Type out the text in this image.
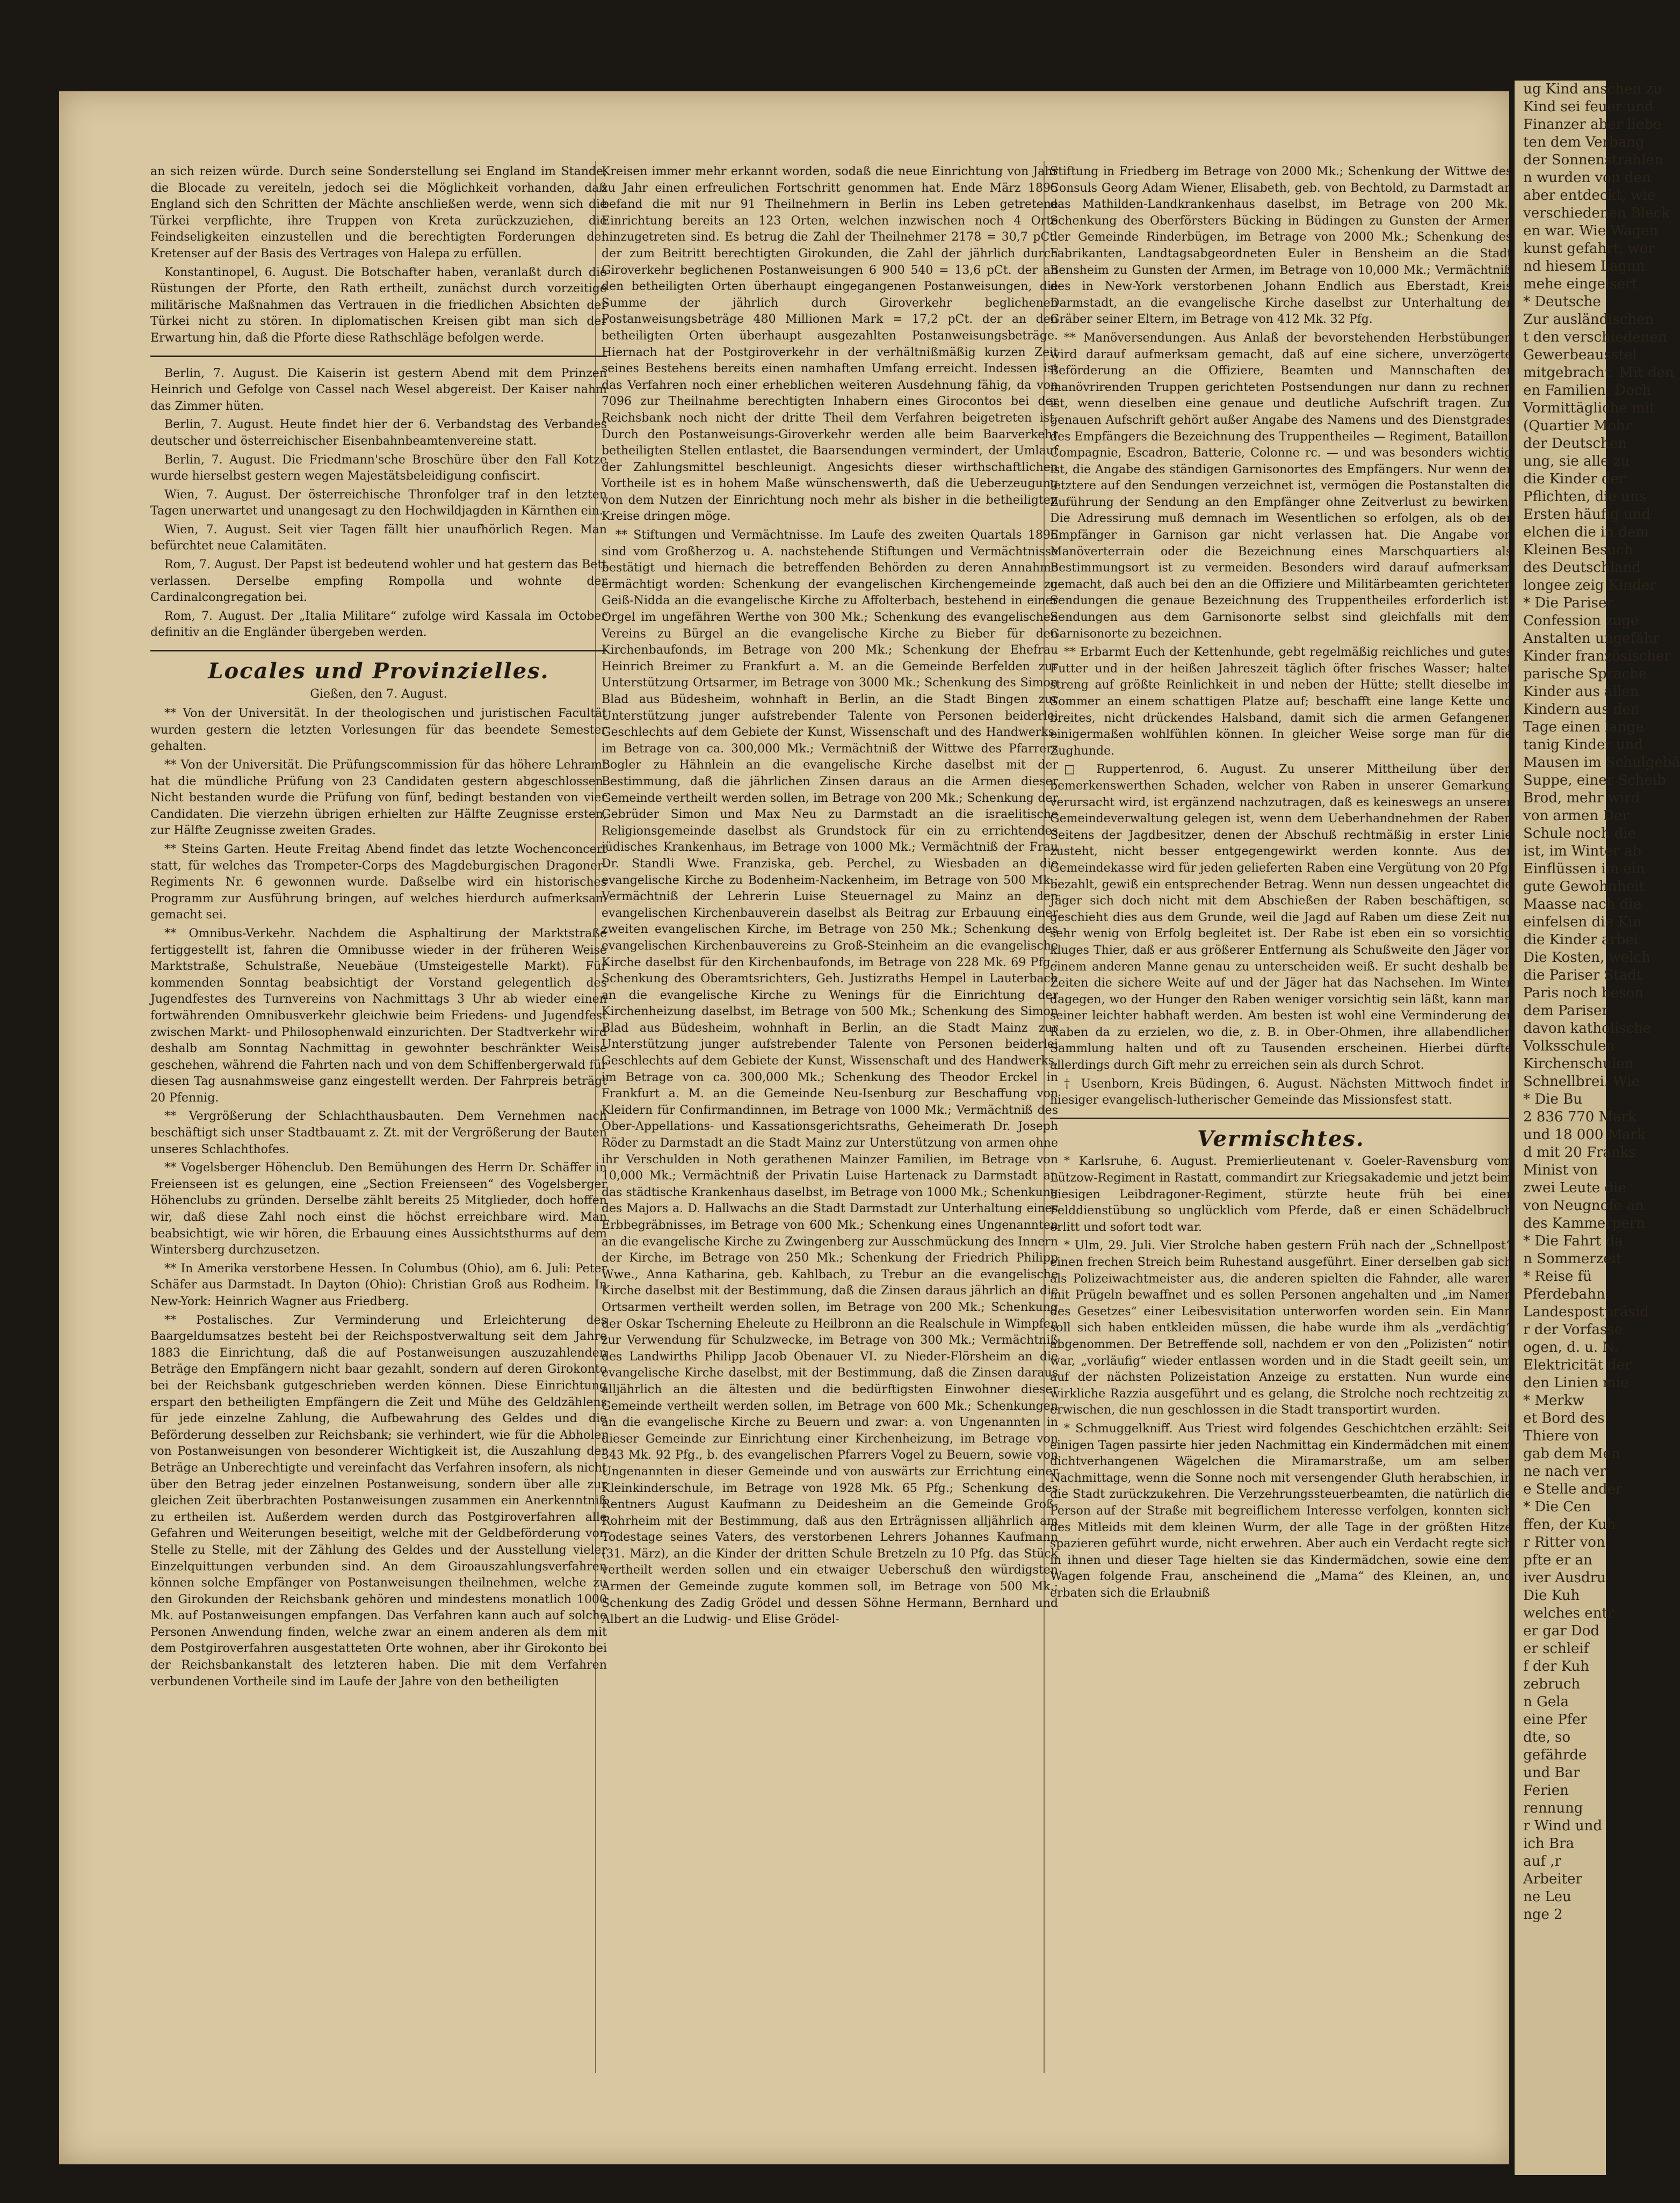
ug Kind anschen zu
Kind sei feuer und
Finanzer aber liebe
ten dem Verbang
der Sonnenstrahlen
n wurden von den
aber entdeckt, wie
verschiedenen Bleck
en war. Wie Wagen
kunst gefahrt, wor
nd hiesem Lagnn
mehe eingelsert
* Deutsche
Zur ausländischen
t den verschiedenen
Gewerbeausstel
mitgebracht. Mit den
en Familien. Doch
Vormittägliche mit
(Quartier Mohr
der Deutschen
ung, sie alle zu
die Kinder der
Pflichten, die uns
Ersten häufig und
elchen die in dem
Kleinen Besuch
des Deutschland
longee zeig Kinder
* Die Pariser
Confession zuge
Anstalten ungefähr
Kinder französischer
parische Sprache
Kinder aus allen
Kindern aus den
Tage einen lange
tanig Kinder und
Mausen im Schulgebä
Suppe, einer Scheib
Brod, mehr wird
von armen Der
Schule noch die
ist, im Winter ab
Einflüssen im ein
gute Gewohnheit
Maasse nach die
einfelsen die Kin
die Kinder arbei
Die Kosten, welch
die Pariser Stadt
Paris noch beson
dem Pariser
davon katholische
Volksschulen
Kirchenschulen
Schnellbrei. Wie
* Die Bu
2 836 770 Mark
und 18 000 Mark
d mit 20 Franks
Minist von
zwei Leute die
von Neugnofe an
des Kammerpern
* Die Fahrt da
n Sommerzeit
* Reise fü
Pferdebahn
Landespostpräsid
r der Vorfasse
ogen, d. u. N.
Elektricität der
den Linien mie
* Merkw
et Bord des
Thiere von
gab dem Men
ne nach ver
e Stelle ander
* Die Cen
ffen, der Kuh
r Ritter von
pfte er an
iver Ausdru
Die Kuh
welches entr
er gar Dod
er schleif
f der Kuh
zebruch
n Gela
eine Pfer
dte, so
gefährde
und Bar
Ferien
rennung
r Wind und
ich Bra
auf ,r
Arbeiter
ne Leu
nge 2

an sich reizen würde. Durch seine Sonderstellung sei England im Stande, die Blocade zu vereiteln, jedoch sei die Möglichkeit vorhanden, daß England sich den Schritten der Mächte anschließen werde, wenn sich die Türkei verpflichte, ihre Truppen von Kreta zurückzuziehen, die Feindseligkeiten einzustellen und die berechtigten Forderungen der Kretenser auf der Basis des Vertrages von Halepa zu erfüllen.

Konstantinopel, 6. August. Die Botschafter haben, veranlaßt durch die Rüstungen der Pforte, den Rath ertheilt, zunächst durch vorzeitige militärische Maßnahmen das Vertrauen in die friedlichen Absichten der Türkei nicht zu stören. In diplomatischen Kreisen gibt man sich der Erwartung hin, daß die Pforte diese Rathschläge befolgen werde.

Berlin, 7. August. Die Kaiserin ist gestern Abend mit dem Prinzen Heinrich und Gefolge von Cassel nach Wesel abgereist. Der Kaiser nahm das Zimmer hüten.

Berlin, 7. August. Heute findet hier der 6. Verbandstag des Verbandes deutscher und österreichischer Eisenbahnbeamtenvereine statt.

Berlin, 7. August. Die Friedmann'sche Broschüre über den Fall Kotze wurde hierselbst gestern wegen Majestätsbeleidigung confiscirt.

Wien, 7. August. Der österreichische Thronfolger traf in den letzten Tagen unerwartet und unangesagt zu den Hochwildjagden in Kärnthen ein.

Wien, 7. August. Seit vier Tagen fällt hier unaufhörlich Regen. Man befürchtet neue Calamitäten.

Rom, 7. August. Der Papst ist bedeutend wohler und hat gestern das Bett verlassen. Derselbe empfing Rompolla und wohnte der Cardinalcongregation bei.

Rom, 7. August. Der „Italia Militare“ zufolge wird Kassala im October definitiv an die Engländer übergeben werden.

Locales und Provinzielles.
Gießen, den 7. August.

** Von der Universität. In der theologischen und juristischen Facultät wurden gestern die letzten Vorlesungen für das beendete Semester gehalten.

** Von der Universität. Die Prüfungscommission für das höhere Lehramt hat die mündliche Prüfung von 23 Candidaten gestern abgeschlossen. Nicht bestanden wurde die Prüfung von fünf, bedingt bestanden von vier Candidaten. Die vierzehn übrigen erhielten zur Hälfte Zeugnisse ersten, zur Hälfte Zeugnisse zweiten Grades.

** Steins Garten. Heute Freitag Abend findet das letzte Wochenconcert statt, für welches das Trompeter-Corps des Magdeburgischen Dragoner-Regiments Nr. 6 gewonnen wurde. Daßselbe wird ein historisches Programm zur Ausführung bringen, auf welches hierdurch aufmerksam gemacht sei.

** Omnibus-Verkehr. Nachdem die Asphaltirung der Marktstraße fertiggestellt ist, fahren die Omnibusse wieder in der früheren Weise Marktstraße, Schulstraße, Neuebäue (Umsteigestelle Markt). Für kommenden Sonntag beabsichtigt der Vorstand gelegentlich des Jugendfestes des Turnvereins von Nachmittags 3 Uhr ab wieder einen fortwährenden Omnibusverkehr gleichwie beim Friedens- und Jugendfest zwischen Markt- und Philosophenwald einzurichten. Der Stadtverkehr wird deshalb am Sonntag Nachmittag in gewohnter beschränkter Weise geschehen, während die Fahrten nach und von dem Schiffenbergerwald für diesen Tag ausnahmsweise ganz eingestellt werden. Der Fahrpreis beträgt 20 Pfennig.

** Vergrößerung der Schlachthausbauten. Dem Vernehmen nach beschäftigt sich unser Stadtbauamt z. Zt. mit der Vergrößerung der Bauten unseres Schlachthofes.

** Vogelsberger Höhenclub. Den Bemühungen des Herrn Dr. Schäffer in Freienseen ist es gelungen, eine „Section Freienseen“ des Vogelsberger Höhenclubs zu gründen. Derselbe zählt bereits 25 Mitglieder, doch hoffen wir, daß diese Zahl noch einst die höchst erreichbare wird. Man beabsichtigt, wie wir hören, die Erbauung eines Aussichtsthurms auf dem Wintersberg durchzusetzen.

** In Amerika verstorbene Hessen. In Columbus (Ohio), am 6. Juli: Peter Schäfer aus Darmstadt. In Dayton (Ohio): Christian Groß aus Rodheim. In New-York: Heinrich Wagner aus Friedberg.

** Postalisches. Zur Verminderung und Erleichterung des Baargeldumsatzes besteht bei der Reichspostverwaltung seit dem Jahre 1883 die Einrichtung, daß die auf Postanweisungen auszuzahlenden Beträge den Empfängern nicht baar gezahlt, sondern auf deren Girokonto bei der Reichsbank gutgeschrieben werden können. Diese Einrichtung erspart den betheiligten Empfängern die Zeit und Mühe des Geldzählens für jede einzelne Zahlung, die Aufbewahrung des Geldes und die Beförderung desselben zur Reichsbank; sie verhindert, wie für die Abholer von Postanweisungen von besonderer Wichtigkeit ist, die Auszahlung der Beträge an Unberechtigte und vereinfacht das Verfahren insofern, als nicht über den Betrag jeder einzelnen Postanweisung, sondern über alle zur gleichen Zeit überbrachten Postanweisungen zusammen ein Anerkenntniß zu ertheilen ist. Außerdem werden durch das Postgiroverfahren alle Gefahren und Weiterungen beseitigt, welche mit der Geldbeförderung von Stelle zu Stelle, mit der Zählung des Geldes und der Ausstellung vieler Einzelquittungen verbunden sind. An dem Giroauszahlungsverfahren können solche Empfänger von Postanweisungen theilnehmen, welche zu den Girokunden der Reichsbank gehören und mindestens monatlich 1000 Mk. auf Postanweisungen empfangen. Das Verfahren kann auch auf solche Personen Anwendung finden, welche zwar an einem anderen als dem mit dem Postgiroverfahren ausgestatteten Orte wohnen, aber ihr Girokonto bei der Reichsbankanstalt des letzteren haben. Die mit dem Verfahren verbundenen Vortheile sind im Laufe der Jahre von den betheiligten

Kreisen immer mehr erkannt worden, sodaß die neue Einrichtung von Jahr zu Jahr einen erfreulichen Fortschritt genommen hat. Ende März 1895 befand die mit nur 91 Theilnehmern in Berlin ins Leben getretene Einrichtung bereits an 123 Orten, welchen inzwischen noch 4 Orte hinzugetreten sind. Es betrug die Zahl der Theilnehmer 2178 = 30,7 pCt. der zum Beitritt berechtigten Girokunden, die Zahl der jährlich durch Giroverkehr beglichenen Postanweisungen 6 900 540 = 13,6 pCt. der an den betheiligten Orten überhaupt eingegangenen Postanweisungen, die Summe der jährlich durch Giroverkehr beglichenen Postanweisungsbeträge 480 Millionen Mark = 17,2 pCt. der an den betheiligten Orten überhaupt ausgezahlten Postanweisungsbeträge. Hiernach hat der Postgiroverkehr in der verhältnißmäßig kurzen Zeit seines Bestehens bereits einen namhaften Umfang erreicht. Indessen ist das Verfahren noch einer erheblichen weiteren Ausdehnung fähig, da von 7096 zur Theilnahme berechtigten Inhabern eines Girocontos bei der Reichsbank noch nicht der dritte Theil dem Verfahren beigetreten ist. Durch den Postanweisungs-Giroverkehr werden alle beim Baarverkehr betheiligten Stellen entlastet, die Baarsendungen vermindert, der Umlauf der Zahlungsmittel beschleunigt. Angesichts dieser wirthschaftlichen Vortheile ist es in hohem Maße wünschenswerth, daß die Ueberzeugung von dem Nutzen der Einrichtung noch mehr als bisher in die betheiligten Kreise dringen möge.

** Stiftungen und Vermächtnisse. Im Laufe des zweiten Quartals 1896 sind vom Großherzog u. A. nachstehende Stiftungen und Vermächtnisse bestätigt und hiernach die betreffenden Behörden zu deren Annahme ermächtigt worden: Schenkung der evangelischen Kirchengemeinde zu Geiß-Nidda an die evangelische Kirche zu Affolterbach, bestehend in einer Orgel im ungefähren Werthe von 300 Mk.; Schenkung des evangelischen Vereins zu Bürgel an die evangelische Kirche zu Bieber für den Kirchenbaufonds, im Betrage von 200 Mk.; Schenkung der Ehefrau Heinrich Breimer zu Frankfurt a. M. an die Gemeinde Berfelden zur Unterstützung Ortsarmer, im Betrage von 3000 Mk.; Schenkung des Simon Blad aus Büdesheim, wohnhaft in Berlin, an die Stadt Bingen zur Unterstützung junger aufstrebender Talente von Personen beiderlei Geschlechts auf dem Gebiete der Kunst, Wissenschaft und des Handwerks, im Betrage von ca. 300,000 Mk.; Vermächtniß der Wittwe des Pfarrers Bogler zu Hähnlein an die evangelische Kirche daselbst mit der Bestimmung, daß die jährlichen Zinsen daraus an die Armen dieser Gemeinde vertheilt werden sollen, im Betrage von 200 Mk.; Schenkung der Gebrüder Simon und Max Neu zu Darmstadt an die israelitische Religionsgemeinde daselbst als Grundstock für ein zu errichtendes jüdisches Krankenhaus, im Betrage von 1000 Mk.; Vermächtniß der Frau Dr. Standli Wwe. Franziska, geb. Perchel, zu Wiesbaden an die evangelische Kirche zu Bodenheim-Nackenheim, im Betrage von 500 Mk.; Vermächtniß der Lehrerin Luise Steuernagel zu Mainz an den evangelischen Kirchenbauverein daselbst als Beitrag zur Erbauung einer zweiten evangelischen Kirche, im Betrage von 250 Mk.; Schenkung des evangelischen Kirchenbauvereins zu Groß-Steinheim an die evangelische Kirche daselbst für den Kirchenbaufonds, im Betrage von 228 Mk. 69 Pfg.; Schenkung des Oberamtsrichters, Geh. Justizraths Hempel in Lauterbach an die evangelische Kirche zu Wenings für die Einrichtung der Kirchenheizung daselbst, im Betrage von 500 Mk.; Schenkung des Simon Blad aus Büdesheim, wohnhaft in Berlin, an die Stadt Mainz zur Unterstützung junger aufstrebender Talente von Personen beiderlei Geschlechts auf dem Gebiete der Kunst, Wissenschaft und des Handwerks, im Betrage von ca. 300,000 Mk.; Schenkung des Theodor Erckel in Frankfurt a. M. an die Gemeinde Neu-Isenburg zur Beschaffung von Kleidern für Confirmandinnen, im Betrage von 1000 Mk.; Vermächtniß des Ober-Appellations- und Kassationsgerichtsraths, Geheimerath Dr. Joseph Röder zu Darmstadt an die Stadt Mainz zur Unterstützung von armen ohne ihr Verschulden in Noth gerathenen Mainzer Familien, im Betrage von 10,000 Mk.; Vermächtniß der Privatin Luise Hartenack zu Darmstadt an das städtische Krankenhaus daselbst, im Betrage von 1000 Mk.; Schenkung des Majors a. D. Hallwachs an die Stadt Darmstadt zur Unterhaltung eines Erbbegräbnisses, im Betrage von 600 Mk.; Schenkung eines Ungenannten an die evangelische Kirche zu Zwingenberg zur Ausschmückung des Innern der Kirche, im Betrage von 250 Mk.; Schenkung der Friedrich Philipp Wwe., Anna Katharina, geb. Kahlbach, zu Trebur an die evangelische Kirche daselbst mit der Bestimmung, daß die Zinsen daraus jährlich an die Ortsarmen vertheilt werden sollen, im Betrage von 200 Mk.; Schenkung der Oskar Tscherning Eheleute zu Heilbronn an die Realschule in Wimpfen zur Verwendung für Schulzwecke, im Betrage von 300 Mk.; Vermächtniß des Landwirths Philipp Jacob Obenauer VI. zu Nieder-Flörsheim an die evangelische Kirche daselbst, mit der Bestimmung, daß die Zinsen daraus alljährlich an die ältesten und die bedürftigsten Einwohner dieser Gemeinde vertheilt werden sollen, im Betrage von 600 Mk.; Schenkungen an die evangelische Kirche zu Beuern und zwar: a. von Ungenannten in dieser Gemeinde zur Einrichtung einer Kirchenheizung, im Betrage von 343 Mk. 92 Pfg., b. des evangelischen Pfarrers Vogel zu Beuern, sowie von Ungenannten in dieser Gemeinde und von auswärts zur Errichtung einer Kleinkinderschule, im Betrage von 1928 Mk. 65 Pfg.; Schenkung des Rentners August Kaufmann zu Deidesheim an die Gemeinde Groß-Rohrheim mit der Bestimmung, daß aus den Erträgnissen alljährlich am Todestage seines Vaters, des verstorbenen Lehrers Johannes Kaufmann (31. März), an die Kinder der dritten Schule Bretzeln zu 10 Pfg. das Stück vertheilt werden sollen und ein etwaiger Ueberschuß den würdigsten Armen der Gemeinde zugute kommen soll, im Betrage von 500 Mk.; Schenkung des Zadig Grödel und dessen Söhne Hermann, Bernhard und Albert an die Ludwig- und Elise Grödel-

Stiftung in Friedberg im Betrage von 2000 Mk.; Schenkung der Wittwe des Consuls Georg Adam Wiener, Elisabeth, geb. von Bechtold, zu Darmstadt an das Mathilden-Landkrankenhaus daselbst, im Betrage von 200 Mk.; Schenkung des Oberförsters Bücking in Büdingen zu Gunsten der Armen der Gemeinde Rinderbügen, im Betrage von 2000 Mk.; Schenkung des Fabrikanten, Landtagsabgeordneten Euler in Bensheim an die Stadt Bensheim zu Gunsten der Armen, im Betrage von 10,000 Mk.; Vermächtniß des in New-York verstorbenen Johann Endlich aus Eberstadt, Kreis Darmstadt, an die evangelische Kirche daselbst zur Unterhaltung der Gräber seiner Eltern, im Betrage von 412 Mk. 32 Pfg.

** Manöversendungen. Aus Anlaß der bevorstehenden Herbstübungen wird darauf aufmerksam gemacht, daß auf eine sichere, unverzögerte Beförderung an die Offiziere, Beamten und Mannschaften der manövrirenden Truppen gerichteten Postsendungen nur dann zu rechnen ist, wenn dieselben eine genaue und deutliche Aufschrift tragen. Zur genauen Aufschrift gehört außer Angabe des Namens und des Dienstgrades des Empfängers die Bezeichnung des Truppentheiles — Regiment, Bataillon, Compagnie, Escadron, Batterie, Colonne rc. — und was besonders wichtig ist, die Angabe des ständigen Garnisonortes des Empfängers. Nur wenn der letztere auf den Sendungen verzeichnet ist, vermögen die Postanstalten die Zuführung der Sendung an den Empfänger ohne Zeitverlust zu bewirken. Die Adressirung muß demnach im Wesentlichen so erfolgen, als ob der Empfänger in Garnison gar nicht verlassen hat. Die Angabe von Manöverterrain oder die Bezeichnung eines Marschquartiers als Bestimmungsort ist zu vermeiden. Besonders wird darauf aufmerksam gemacht, daß auch bei den an die Offiziere und Militärbeamten gerichteten Sendungen die genaue Bezeichnung des Truppentheiles erforderlich ist. Sendungen aus dem Garnisonorte selbst sind gleichfalls mit dem Garnisonorte zu bezeichnen.

** Erbarmt Euch der Kettenhunde, gebt regelmäßig reichliches und gutes Futter und in der heißen Jahreszeit täglich öfter frisches Wasser; haltet streng auf größte Reinlichkeit in und neben der Hütte; stellt dieselbe im Sommer an einem schattigen Platze auf; beschafft eine lange Kette und breites, nicht drückendes Halsband, damit sich die armen Gefangenen einigermaßen wohlfühlen können. In gleicher Weise sorge man für die Zughunde.

□ Ruppertenrod, 6. August. Zu unserer Mittheilung über den bemerkenswerthen Schaden, welcher von Raben in unserer Gemarkung verursacht wird, ist ergänzend nachzutragen, daß es keineswegs an unserer Gemeindeverwaltung gelegen ist, wenn dem Ueberhandnehmen der Raben Seitens der Jagdbesitzer, denen der Abschuß rechtmäßig in erster Linie zusteht, nicht besser entgegengewirkt werden konnte. Aus der Gemeindekasse wird für jeden gelieferten Raben eine Vergütung von 20 Pfg. bezahlt, gewiß ein entsprechender Betrag. Wenn nun dessen ungeachtet die Jäger sich doch nicht mit dem Abschießen der Raben beschäftigen, so geschieht dies aus dem Grunde, weil die Jagd auf Raben um diese Zeit nur sehr wenig von Erfolg begleitet ist. Der Rabe ist eben ein so vorsichtig kluges Thier, daß er aus größerer Entfernung als Schußweite den Jäger von einem anderen Manne genau zu unterscheiden weiß. Er sucht deshalb bei Zeiten die sichere Weite auf und der Jäger hat das Nachsehen. Im Winter dagegen, wo der Hunger den Raben weniger vorsichtig sein läßt, kann man seiner leichter habhaft werden. Am besten ist wohl eine Verminderung der Raben da zu erzielen, wo die, z. B. in Ober-Ohmen, ihre allabendlichen Sammlung halten und oft zu Tausenden erscheinen. Hierbei dürfte allerdings durch Gift mehr zu erreichen sein als durch Schrot.

† Usenborn, Kreis Büdingen, 6. August. Nächsten Mittwoch findet in hiesiger evangelisch-lutherischer Gemeinde das Missionsfest statt.

Vermischtes.

* Karlsruhe, 6. August. Premierlieutenant v. Goeler-Ravensburg vom Lützow-Regiment in Rastatt, commandirt zur Kriegsakademie und jetzt beim hiesigen Leibdragoner-Regiment, stürzte heute früh bei einer Felddienstübung so unglücklich vom Pferde, daß er einen Schädelbruch erlitt und sofort todt war.

* Ulm, 29. Juli. Vier Strolche haben gestern Früh nach der „Schnellpost“ einen frechen Streich beim Ruhestand ausgeführt. Einer derselben gab sich als Polizeiwachtmeister aus, die anderen spielten die Fahnder, alle waren mit Prügeln bewaffnet und es sollen Personen angehalten und „im Namen des Gesetzes“ einer Leibesvisitation unterworfen worden sein. Ein Mann soll sich haben entkleiden müssen, die habe wurde ihm als „verdächtig“ abgenommen. Der Betreffende soll, nachdem er von den „Polizisten“ notirt war, „vorläufig“ wieder entlassen worden und in die Stadt geeilt sein, um auf der nächsten Polizeistation Anzeige zu erstatten. Nun wurde eine wirkliche Razzia ausgeführt und es gelang, die Strolche noch rechtzeitig zu erwischen, die nun geschlossen in die Stadt transportirt wurden.

* Schmuggelkniff. Aus Triest wird folgendes Geschichtchen erzählt: Seit einigen Tagen passirte hier jeden Nachmittag ein Kindermädchen mit einem dichtverhangenen Wägelchen die Miramarstraße, um am selben Nachmittage, wenn die Sonne noch mit versengender Gluth herabschien, in die Stadt zurückzukehren. Die Verzehrungssteuerbeamten, die natürlich die Person auf der Straße mit begreiflichem Interesse verfolgen, konnten sich des Mitleids mit dem kleinen Wurm, der alle Tage in der größten Hitze spazieren geführt wurde, nicht erwehren. Aber auch ein Verdacht regte sich in ihnen und dieser Tage hielten sie das Kindermädchen, sowie eine dem Wagen folgende Frau, anscheinend die „Mama“ des Kleinen, an, und erbaten sich die Erlaubniß
